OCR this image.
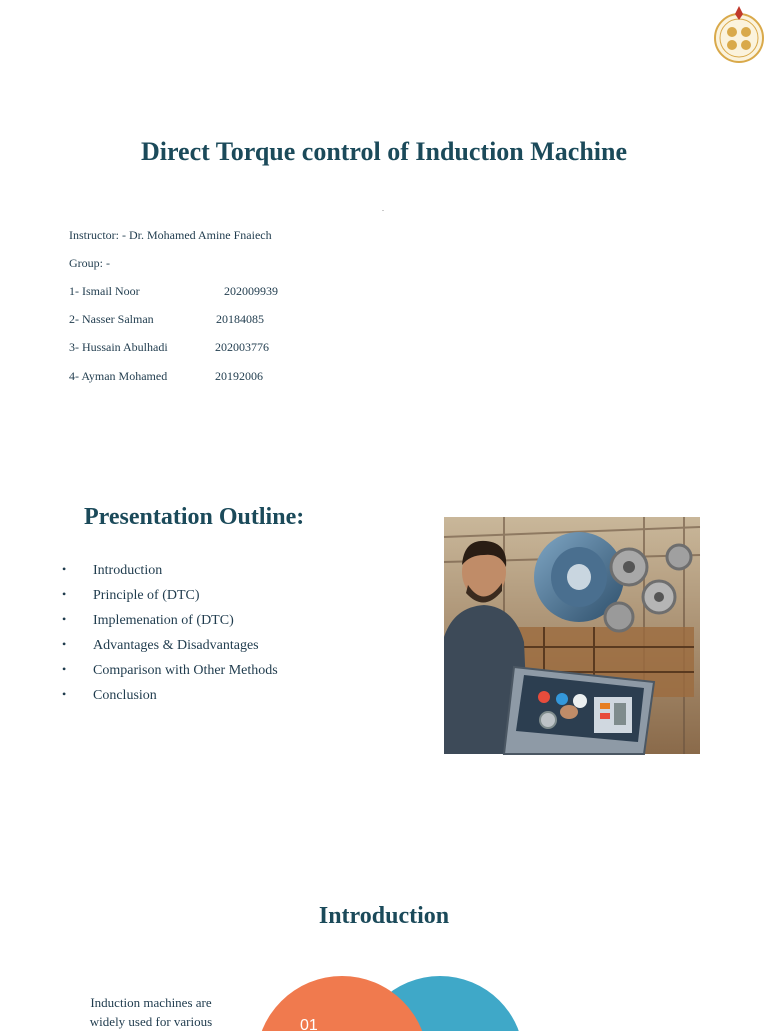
Direct Torque control of Induction Machine
.
Instructor: - Dr. Mohamed Amine Fnaiech
Group: -
1- Ismail Noor	202009939
2- Nasser Salman	20184085
3- Hussain Abulhadi	202003776
4- Ayman Mohamed	20192006
Presentation Outline:
• Introduction
• Principle of (DTC)
• Implemenation of (DTC)
• Advantages & Disadvantages
• Comparison with Other Methods
• Conclusion
Introduction
Induction machines are
widely used for various	01
